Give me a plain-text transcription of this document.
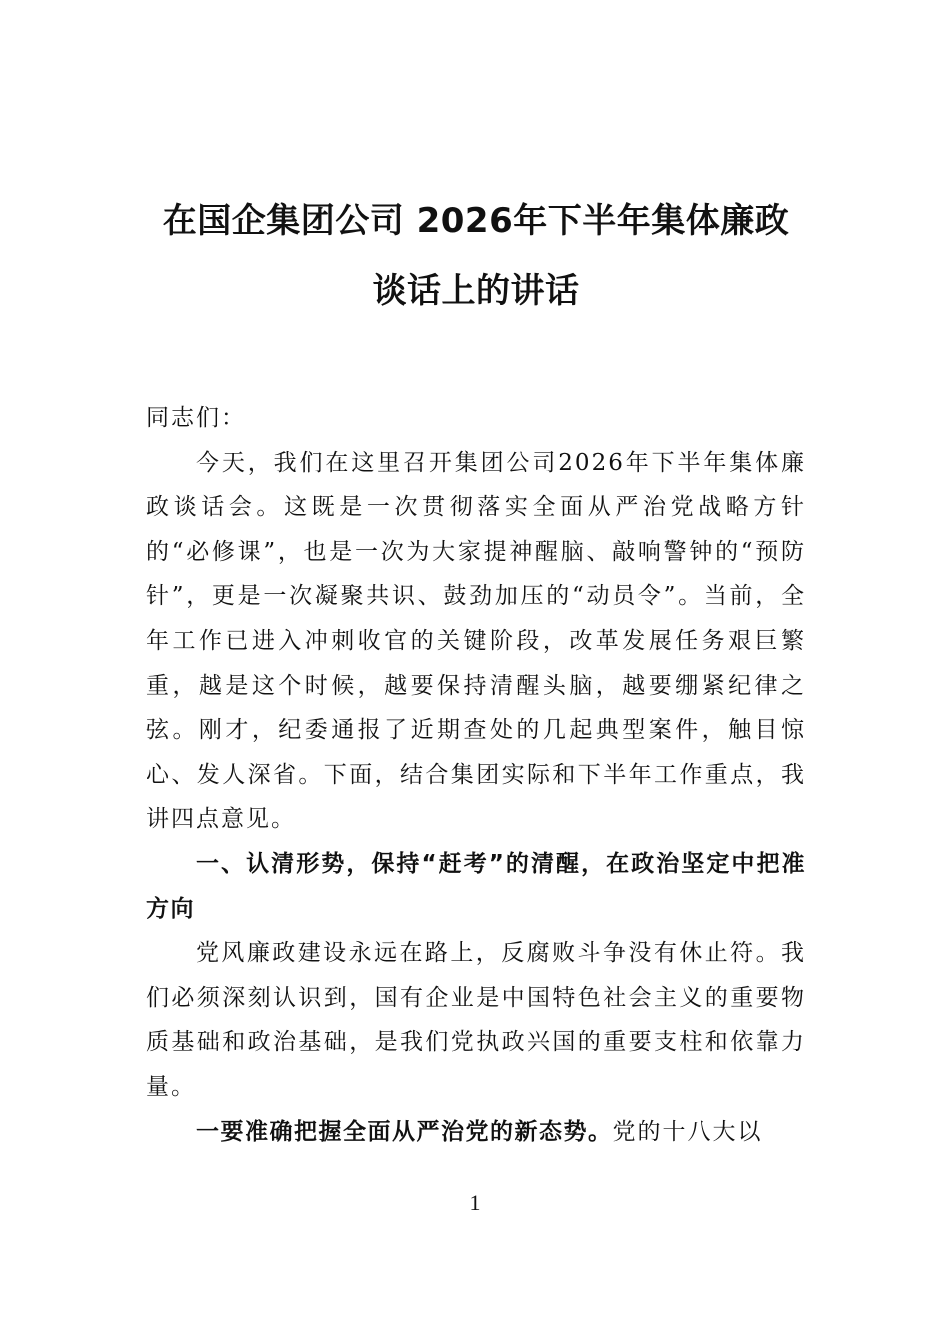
在国企集团公司 2026年下半年集体廉政谈话上的讲话

同志们：

今天，我们在这里召开集团公司2026年下半年集体廉政谈话会。这既是一次贯彻落实全面从严治党战略方针的“必修课”，也是一次为大家提神醒脑、敲响警钟的“预防针”，更是一次凝聚共识、鼓劲加压的“动员令”。当前，全年工作已进入冲刺收官的关键阶段，改革发展任务艰巨繁重，越是这个时候，越要保持清醒头脑，越要绷紧纪律之弦。刚才，纪委通报了近期查处的几起典型案件，触目惊心、发人深省。下面，结合集团实际和下半年工作重点，我讲四点意见。

一、认清形势，保持“赶考”的清醒，在政治坚定中把准方向

党风廉政建设永远在路上，反腐败斗争没有休止符。我们必须深刻认识到，国有企业是中国特色社会主义的重要物质基础和政治基础，是我们党执政兴国的重要支柱和依靠力量。

一要准确把握全面从严治党的新态势。党的十八大以

1
